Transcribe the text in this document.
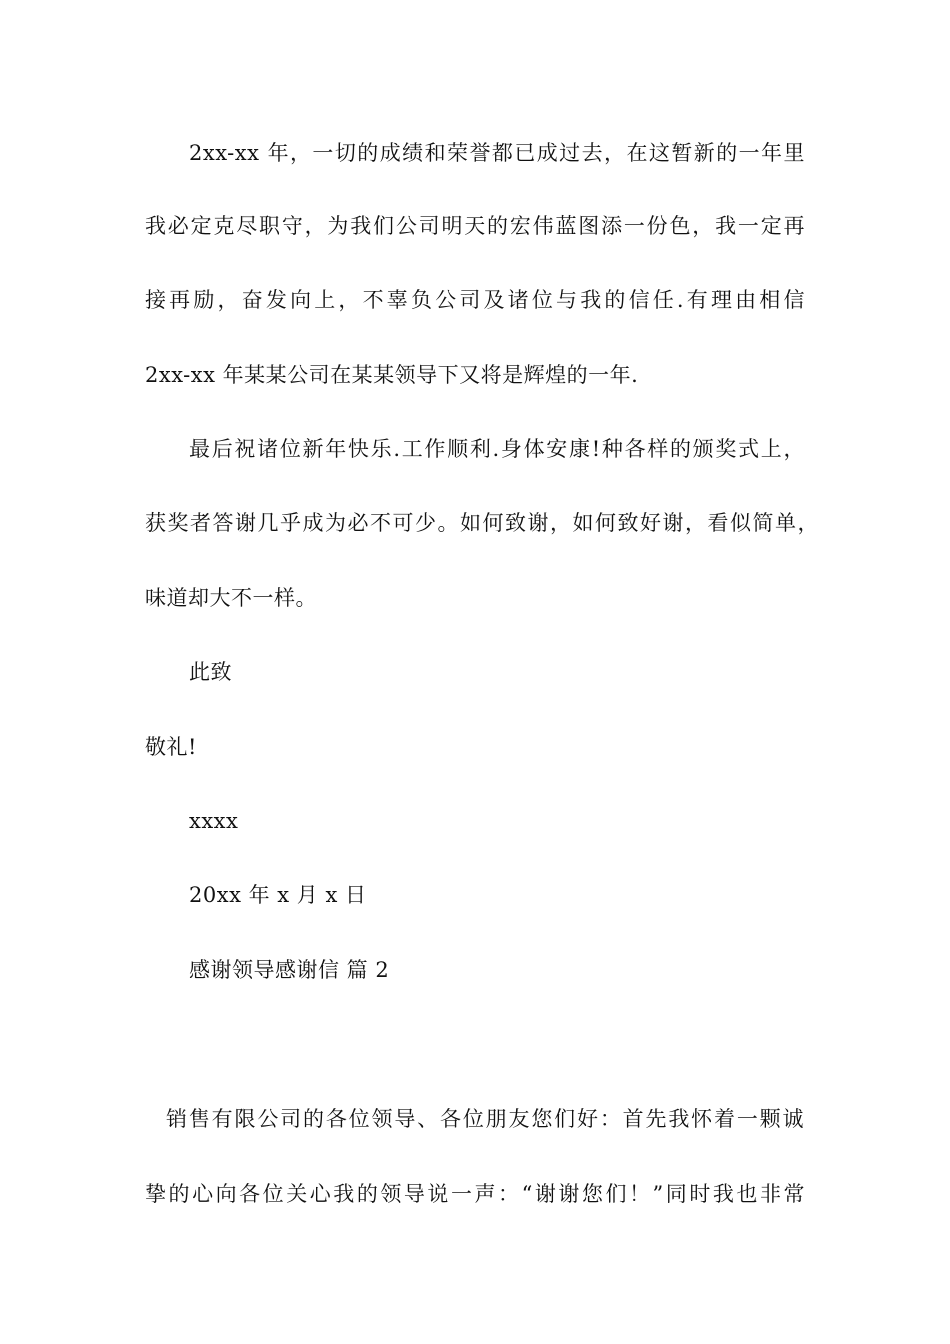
2xx-xx 年，一切的成绩和荣誉都已成过去，在这暂新的一年里
我必定克尽职守，为我们公司明天的宏伟蓝图添一份色，我一定再
接再励，奋发向上，不辜负公司及诸位与我的信任.有理由相信
2xx-xx 年某某公司在某某领导下又将是辉煌的一年.
最后祝诸位新年快乐.工作顺利.身体安康!种各样的颁奖式上，
获奖者答谢几乎成为必不可少。如何致谢，如何致好谢，看似简单，
味道却大不一样。
此致
敬礼!
xxxx
20xx 年 x 月 x 日
感谢领导感谢信 篇 2
销售有限公司的各位领导、各位朋友您们好：首先我怀着一颗诚
挚的心向各位关心我的领导说一声：“谢谢您们！”同时我也非常
